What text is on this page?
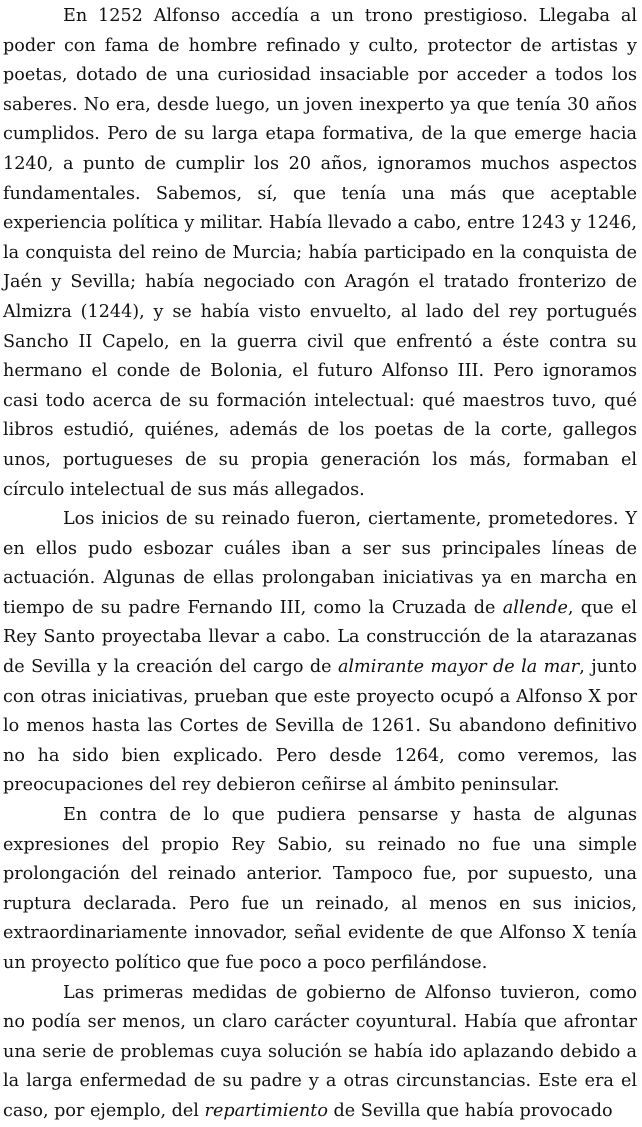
En 1252 Alfonso accedía a un trono prestigioso. Llegaba al poder con fama de hombre refinado y culto, protector de artistas y poetas, dotado de una curiosidad insaciable por acceder a todos los saberes. No era, desde luego, un joven inexperto ya que tenía 30 años cumplidos. Pero de su larga etapa formativa, de la que emerge hacia 1240, a punto de cumplir los 20 años, ignoramos muchos aspectos fundamentales. Sabemos, sí, que tenía una más que aceptable experiencia política y militar. Había llevado a cabo, entre 1243 y 1246, la conquista del reino de Murcia; había participado en la conquista de Jaén y Sevilla; había negociado con Aragón el tratado fronterizo de Almizra (1244), y se había visto envuelto, al lado del rey portugués Sancho II Capelo, en la guerra civil que enfrentó a éste contra su hermano el conde de Bolonia, el futuro Alfonso III. Pero ignoramos casi todo acerca de su formación intelectual: qué maestros tuvo, qué libros estudió, quiénes, además de los poetas de la corte, gallegos unos, portugueses de su propia generación los más, formaban el círculo intelectual de sus más allegados.

Los inicios de su reinado fueron, ciertamente, prometedores. Y en ellos pudo esbozar cuáles iban a ser sus principales líneas de actuación. Algunas de ellas prolongaban iniciativas ya en marcha en tiempo de su padre Fernando III, como la Cruzada de allende, que el Rey Santo proyectaba llevar a cabo. La construcción de la atarazanas de Sevilla y la creación del cargo de almirante mayor de la mar, junto con otras iniciativas, prueban que este proyecto ocupó a Alfonso X por lo menos hasta las Cortes de Sevilla de 1261. Su abandono definitivo no ha sido bien explicado. Pero desde 1264, como veremos, las preocupaciones del rey debieron ceñirse al ámbito peninsular.

En contra de lo que pudiera pensarse y hasta de algunas expresiones del propio Rey Sabio, su reinado no fue una simple prolongación del reinado anterior. Tampoco fue, por supuesto, una ruptura declarada. Pero fue un reinado, al menos en sus inicios, extraordinariamente innovador, señal evidente de que Alfonso X tenía un proyecto político que fue poco a poco perfilándose.

Las primeras medidas de gobierno de Alfonso tuvieron, como no podía ser menos, un claro carácter coyuntural. Había que afrontar una serie de problemas cuya solución se había ido aplazando debido a la larga enfermedad de su padre y a otras circunstancias. Este era el caso, por ejemplo, del repartimiento de Sevilla que había provocado
